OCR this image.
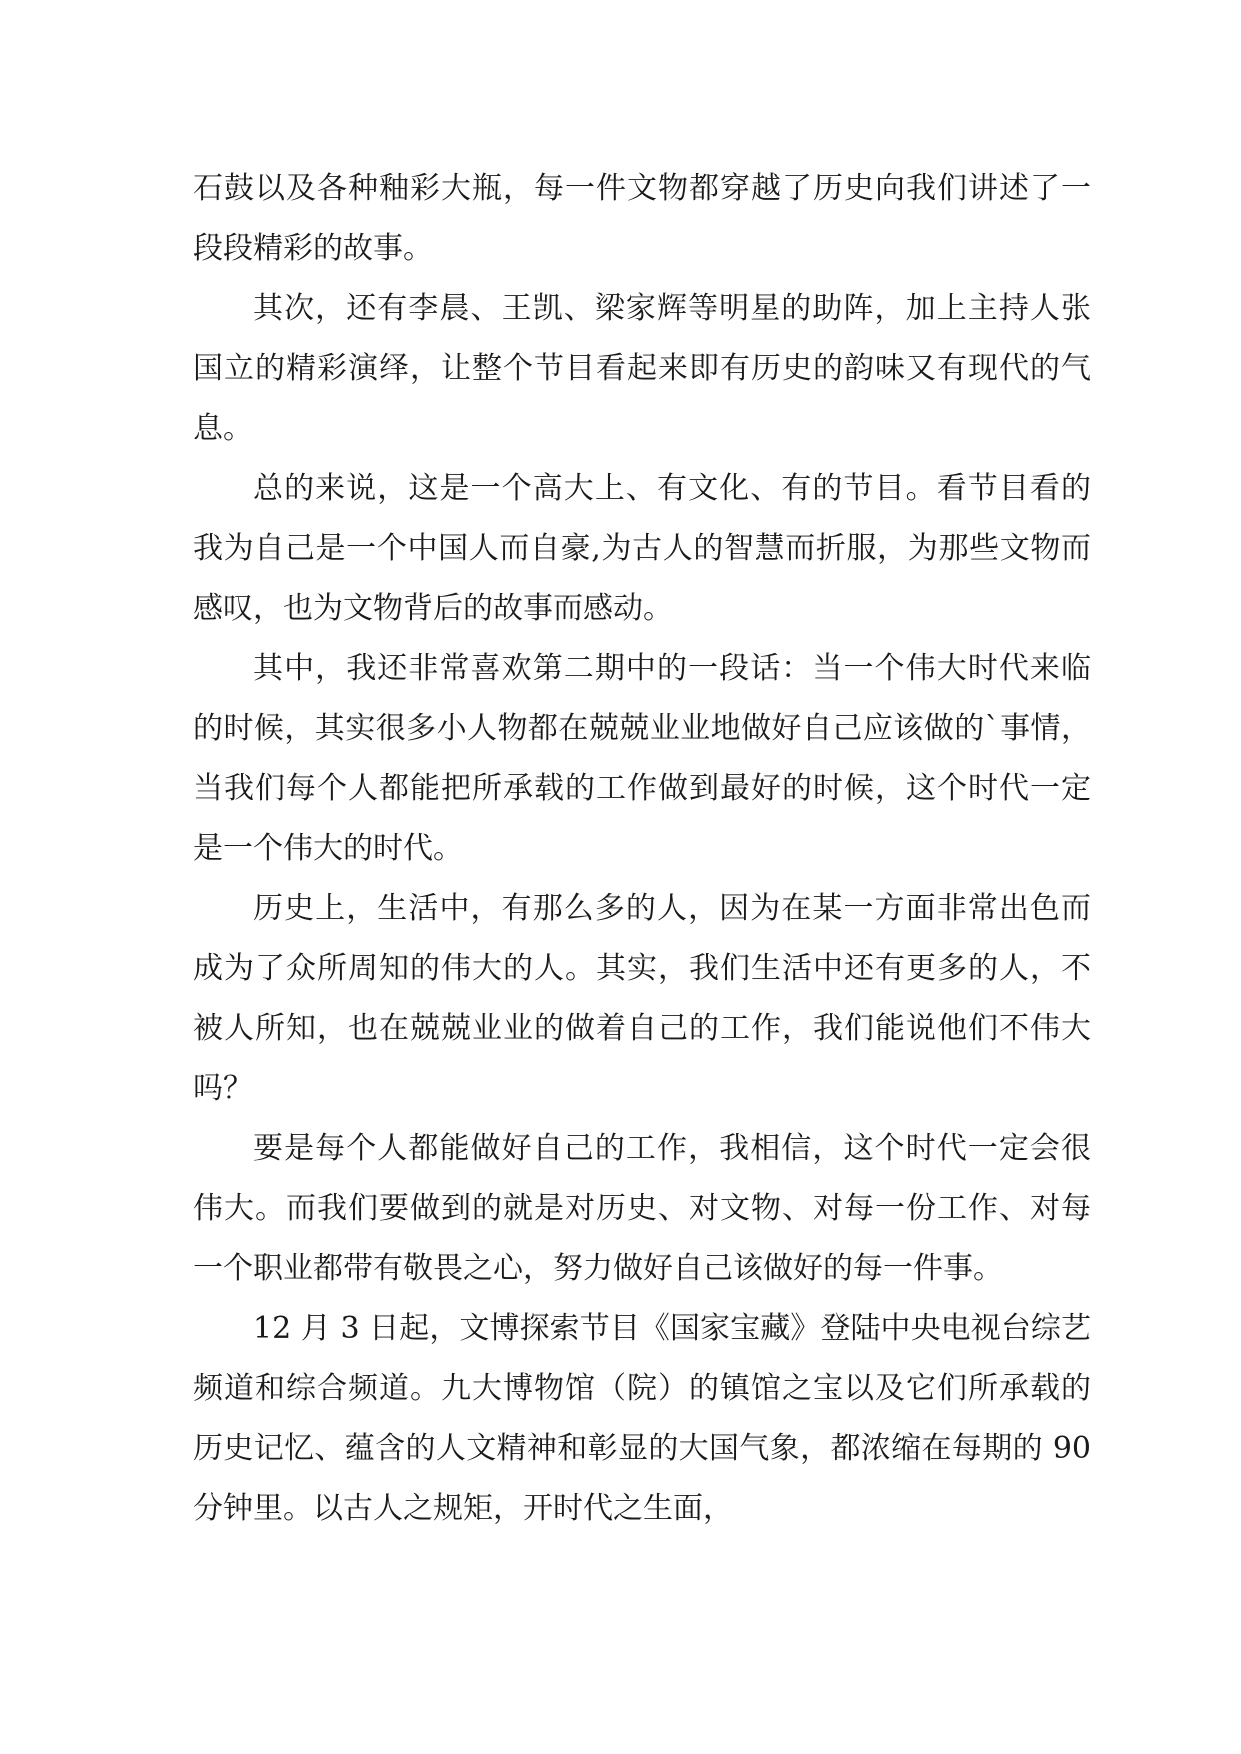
石鼓以及各种釉彩大瓶，每一件文物都穿越了历史向我们讲述了一段段精彩的故事。

其次，还有李晨、王凯、梁家辉等明星的助阵，加上主持人张国立的精彩演绎，让整个节目看起来即有历史的韵味又有现代的气息。

总的来说，这是一个高大上、有文化、有的节目。看节目看的我为自己是一个中国人而自豪,为古人的智慧而折服，为那些文物而感叹，也为文物背后的故事而感动。

其中，我还非常喜欢第二期中的一段话：当一个伟大时代来临的时候，其实很多小人物都在兢兢业业地做好自己应该做的`事情，当我们每个人都能把所承载的工作做到最好的时候，这个时代一定是一个伟大的时代。

历史上，生活中，有那么多的人，因为在某一方面非常出色而成为了众所周知的伟大的人。其实，我们生活中还有更多的人，不被人所知，也在兢兢业业的做着自己的工作，我们能说他们不伟大吗？

要是每个人都能做好自己的工作，我相信，这个时代一定会很伟大。而我们要做到的就是对历史、对文物、对每一份工作、对每一个职业都带有敬畏之心，努力做好自己该做好的每一件事。

12 月 3 日起，文博探索节目《国家宝藏》登陆中央电视台综艺频道和综合频道。九大博物馆（院）的镇馆之宝以及它们所承载的历史记忆、蕴含的人文精神和彰显的大国气象，都浓缩在每期的 90 分钟里。以古人之规矩，开时代之生面，
